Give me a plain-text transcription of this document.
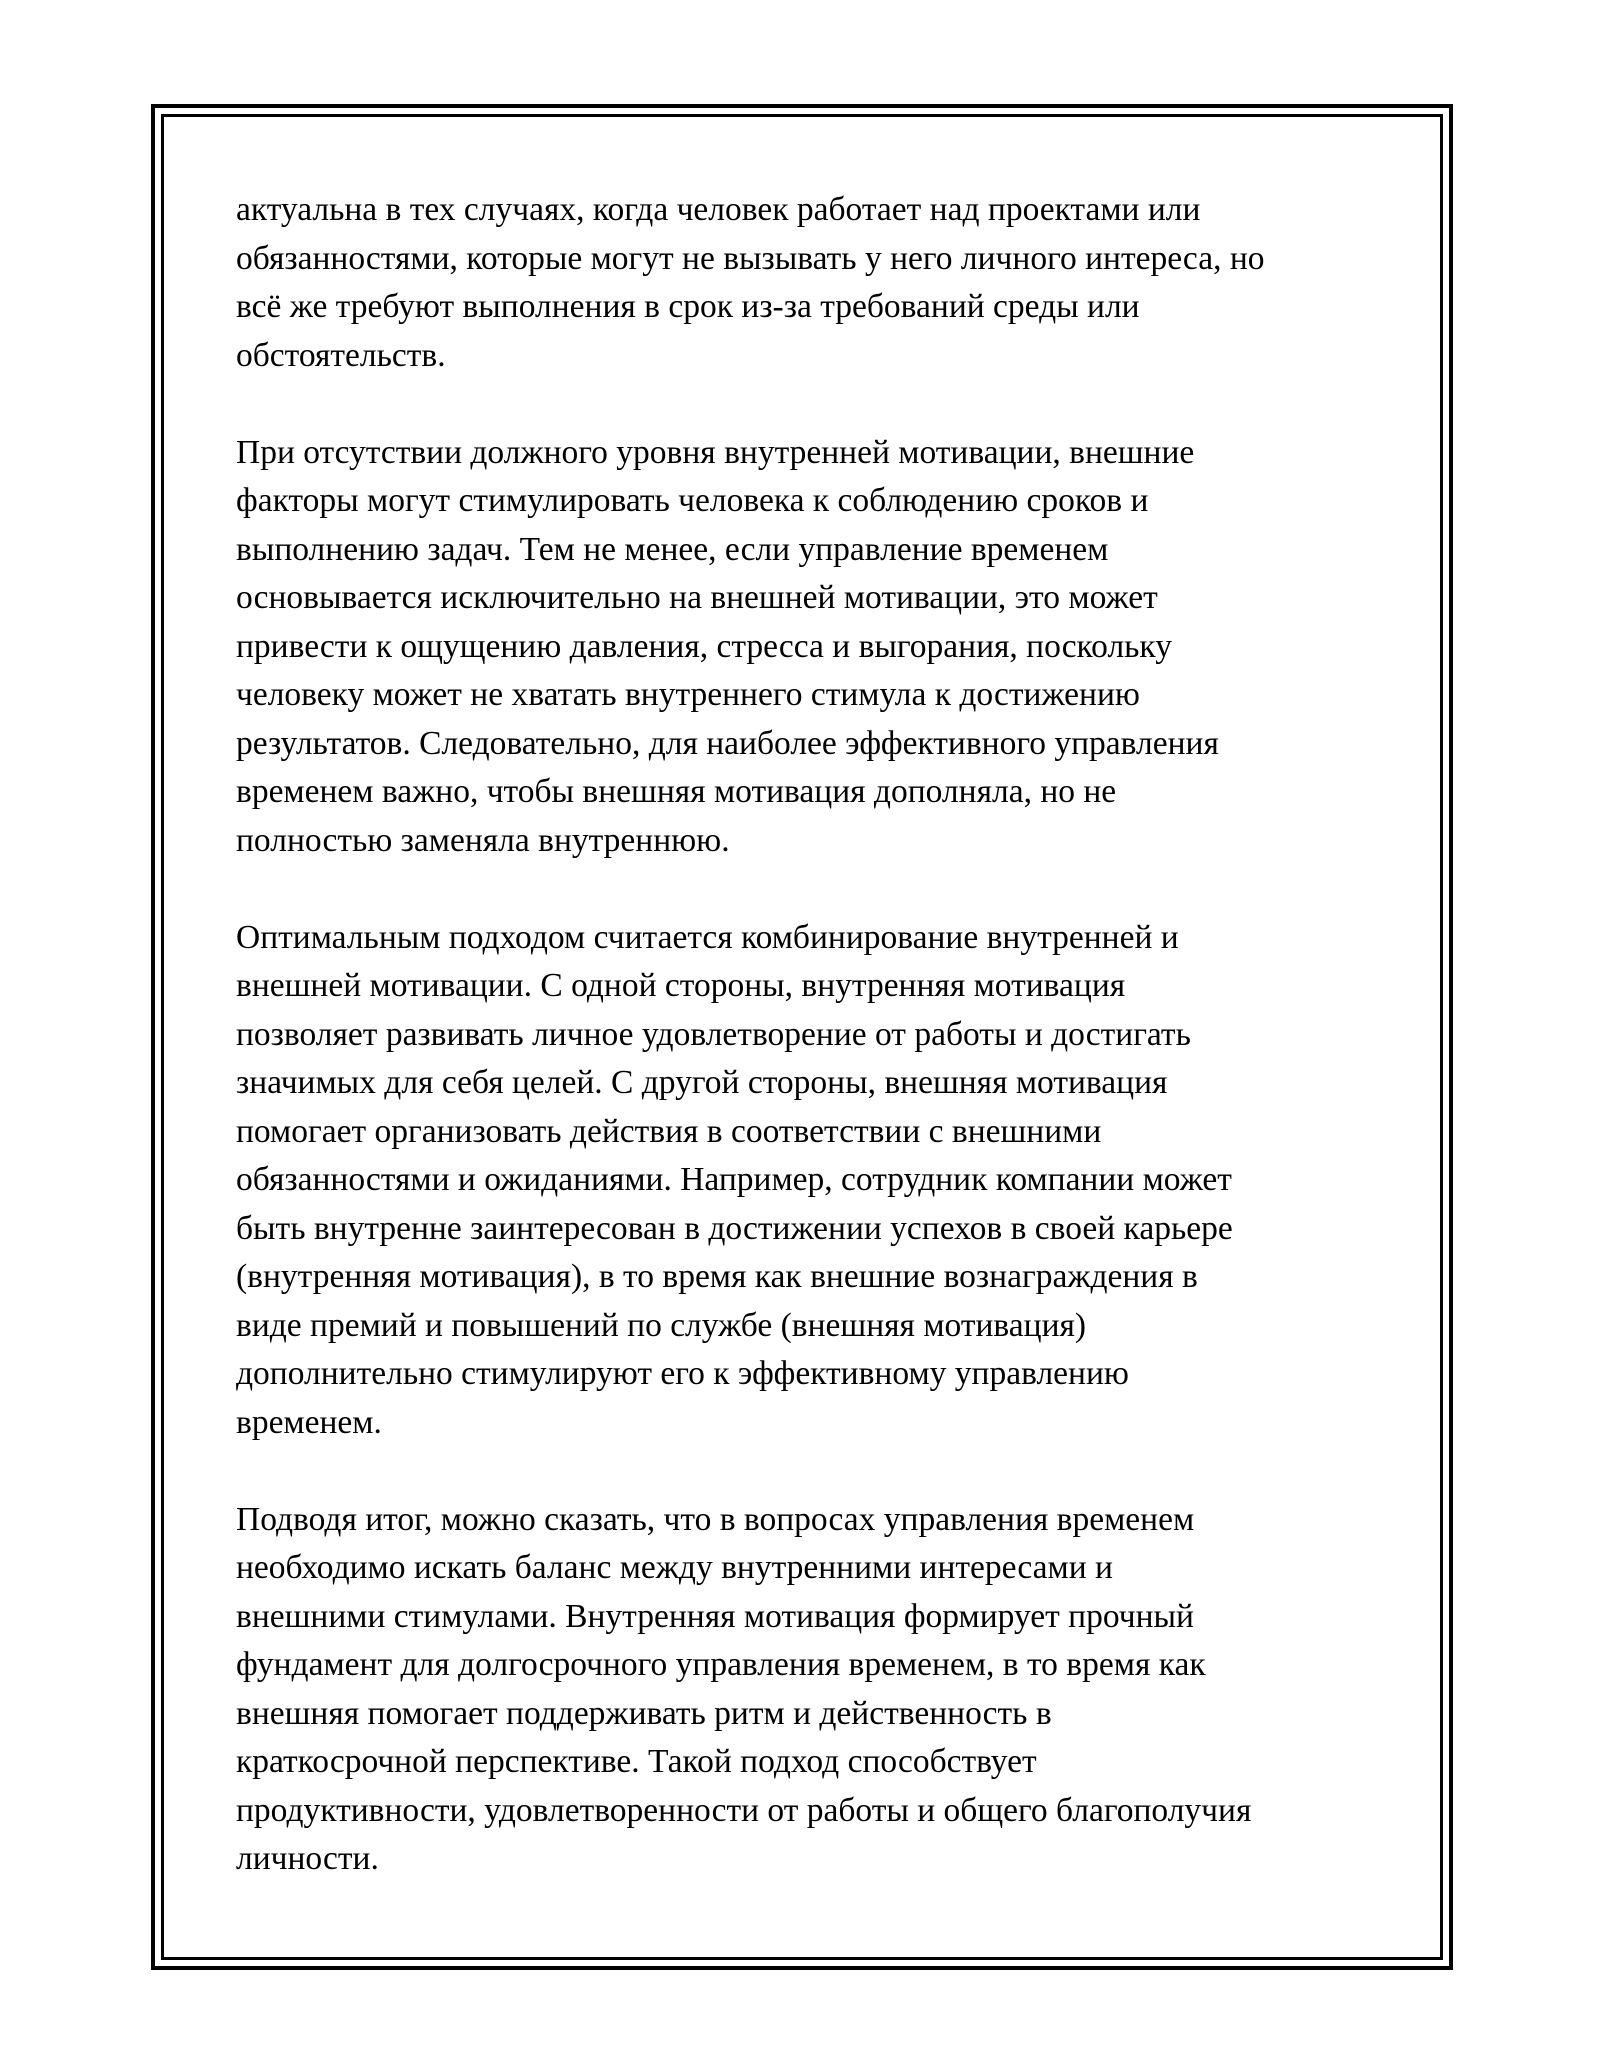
актуальна в тех случаях, когда человек работает над проектами или
обязанностями, которые могут не вызывать у него личного интереса, но
всё же требуют выполнения в срок из-за требований среды или
обстоятельств.

При отсутствии должного уровня внутренней мотивации, внешние
факторы могут стимулировать человека к соблюдению сроков и
выполнению задач. Тем не менее, если управление временем
основывается исключительно на внешней мотивации, это может
привести к ощущению давления, стресса и выгорания, поскольку
человеку может не хватать внутреннего стимула к достижению
результатов. Следовательно, для наиболее эффективного управления
временем важно, чтобы внешняя мотивация дополняла, но не
полностью заменяла внутреннюю.

Оптимальным подходом считается комбинирование внутренней и
внешней мотивации. С одной стороны, внутренняя мотивация
позволяет развивать личное удовлетворение от работы и достигать
значимых для себя целей. С другой стороны, внешняя мотивация
помогает организовать действия в соответствии с внешними
обязанностями и ожиданиями. Например, сотрудник компании может
быть внутренне заинтересован в достижении успехов в своей карьере
(внутренняя мотивация), в то время как внешние вознаграждения в
виде премий и повышений по службе (внешняя мотивация)
дополнительно стимулируют его к эффективному управлению
временем.

Подводя итог, можно сказать, что в вопросах управления временем
необходимо искать баланс между внутренними интересами и
внешними стимулами. Внутренняя мотивация формирует прочный
фундамент для долгосрочного управления временем, в то время как
внешняя помогает поддерживать ритм и действенность в
краткосрочной перспективе. Такой подход способствует
продуктивности, удовлетворенности от работы и общего благополучия
личности.
